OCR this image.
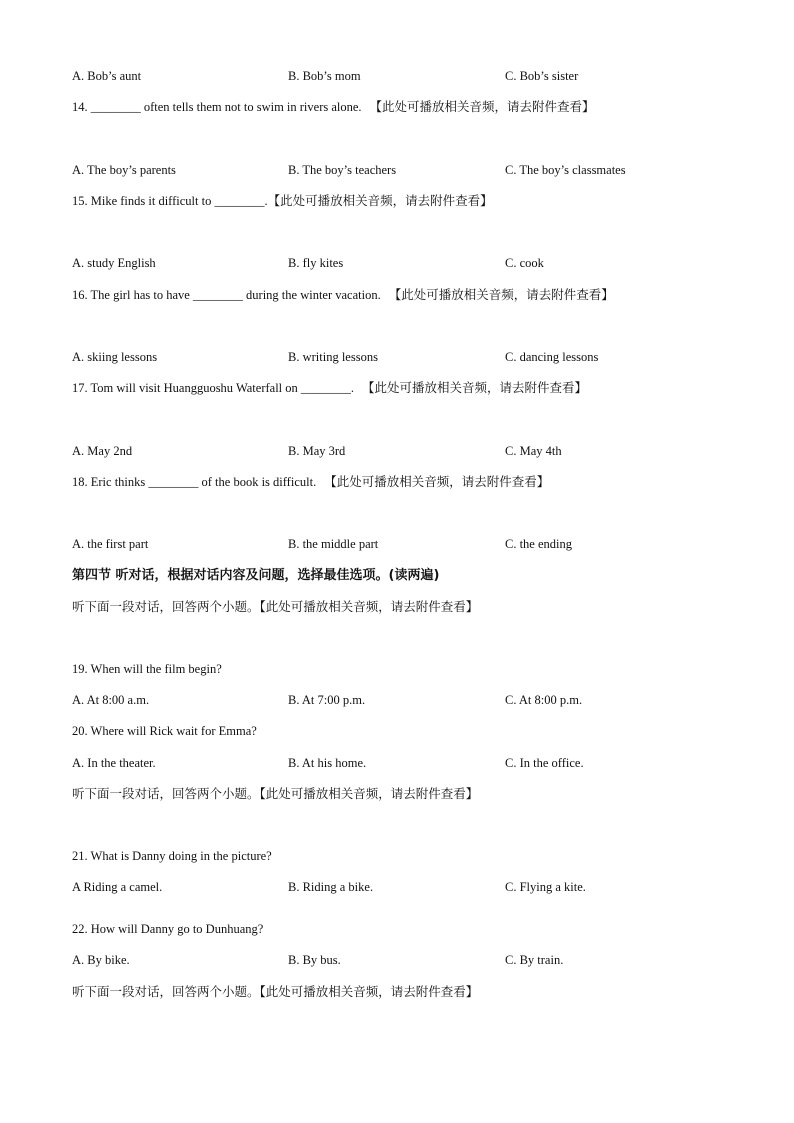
A. Bob’s aunt	B. Bob’s mom	C. Bob’s sister
14. ________ often tells them not to swim in rivers alone. 【此处可播放相关音频，请去附件查看】
A. The boy’s parents	B. The boy’s teachers	C. The boy’s classmates
15. Mike finds it difficult to ________.【此处可播放相关音频，请去附件查看】
A. study English	B. fly kites	C. cook
16. The girl has to have ________ during the winter vacation. 【此处可播放相关音频，请去附件查看】
A. skiing lessons	B. writing lessons	C. dancing lessons
17. Tom will visit Huangguoshu Waterfall on ________. 【此处可播放相关音频，请去附件查看】
A. May 2nd	B. May 3rd	C. May 4th
18. Eric thinks ________ of the book is difficult. 【此处可播放相关音频，请去附件查看】
A. the first part	B. the middle part	C. the ending
第四节 听对话，根据对话内容及问题，选择最佳选项。(读两遍)
听下面一段对话，回答两个小题。【此处可播放相关音频，请去附件查看】
19. When will the film begin?
A. At 8:00 a.m.	B. At 7:00 p.m.	C. At 8:00 p.m.
20. Where will Rick wait for Emma?
A. In the theater.	B. At his home.	C. In the office.
听下面一段对话，回答两个小题。【此处可播放相关音频，请去附件查看】
21. What is Danny doing in the picture?
A Riding a camel.	B. Riding a bike.	C. Flying a kite.
22. How will Danny go to Dunhuang?
A. By bike.	B. By bus.	C. By train.
听下面一段对话，回答两个小题。【此处可播放相关音频，请去附件查看】
